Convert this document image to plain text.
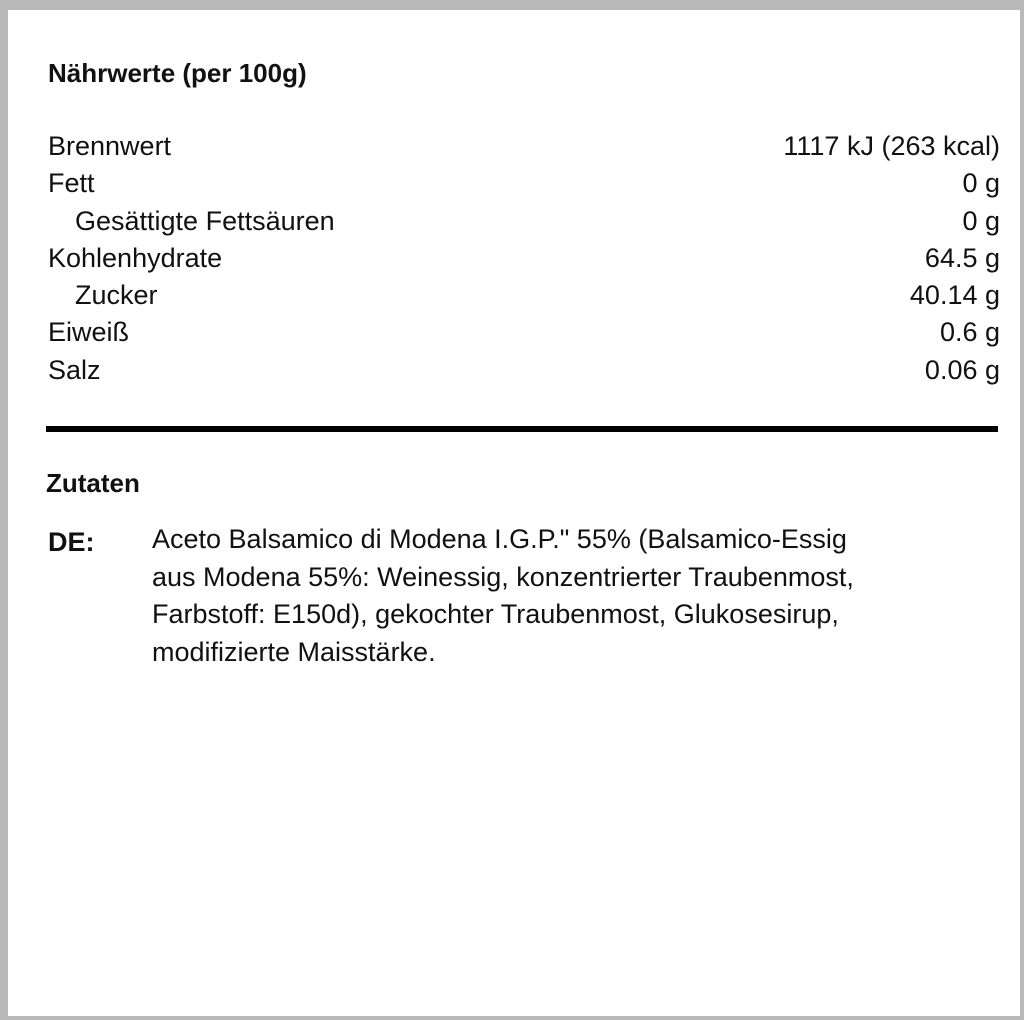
Nährwerte (per 100g)
Brennwert	1117 kJ (263 kcal)
Fett	0 g
Gesättigte Fettsäuren	0 g
Kohlenhydrate	64.5 g
Zucker	40.14 g
Eiweiß	0.6 g
Salz	0.06 g
Zutaten
DE: Aceto Balsamico di Modena I.G.P." 55% (Balsamico-Essig
aus Modena 55%: Weinessig, konzentrierter Traubenmost,
Farbstoff: E150d), gekochter Traubenmost, Glukosesirup,
modifizierte Maisstärke.
